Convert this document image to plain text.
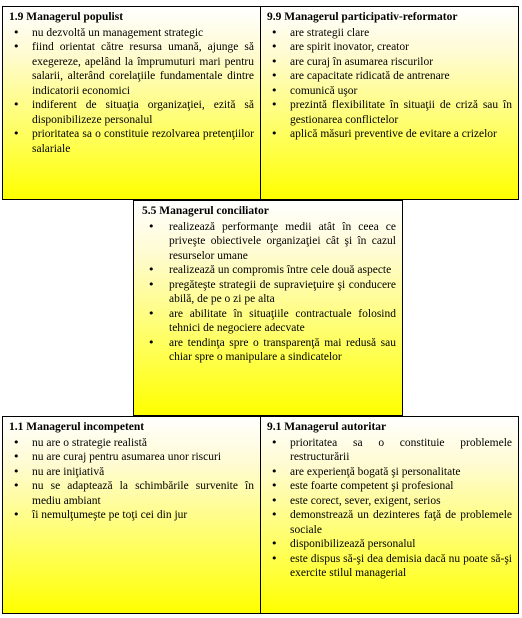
1.9 Managerul populist
• nu dezvoltă un management strategic
• fiind orientat către resursa umană, ajunge să exegereze, apelând la împrumuturi mari pentru salarii, alterând corelaţiile fundamentale dintre indicatorii economici
• indiferent de situaţia organizaţiei, ezită să disponibilizeze personalul
• prioritatea sa o constituie rezolvarea pretenţiilor salariale
9.9 Managerul participativ-reformator
• are strategii clare
• are spirit inovator, creator
• are curaj în asumarea riscurilor
• are capacitate ridicată de antrenare
• comunică uşor
• prezintă flexibilitate în situaţii de criză sau în gestionarea conflictelor
• aplică măsuri preventive de evitare a crizelor
5.5 Managerul conciliator
• realizează performanţe medii atât în ceea ce priveşte obiectivele organizaţiei cât şi în cazul resurselor umane
• realizează un compromis între cele două aspecte
• pregăteşte strategii de supravieţuire şi conducere abilă, de pe o zi pe alta
• are abilitate în situaţiile contractuale folosind tehnici de negociere adecvate
• are tendinţa spre o transparenţă mai redusă sau chiar spre o manipulare a sindicatelor
1.1 Managerul incompetent
• nu are o strategie realistă
• nu are curaj pentru asumarea unor riscuri
• nu are iniţiativă
• nu se adaptează la schimbările survenite în mediu ambiant
• îi nemulţumeşte pe toţi cei din jur
9.1 Managerul autoritar
• prioritatea sa o constituie problemele restructurării
• are experienţă bogată şi personalitate
• este foarte competent şi profesional
• este corect, sever, exigent, serios
• demonstrează un dezinteres faţă de problemele sociale
• disponibilizează personalul
• este dispus să-şi dea demisia dacă nu poate să-şi exercite stilul managerial
